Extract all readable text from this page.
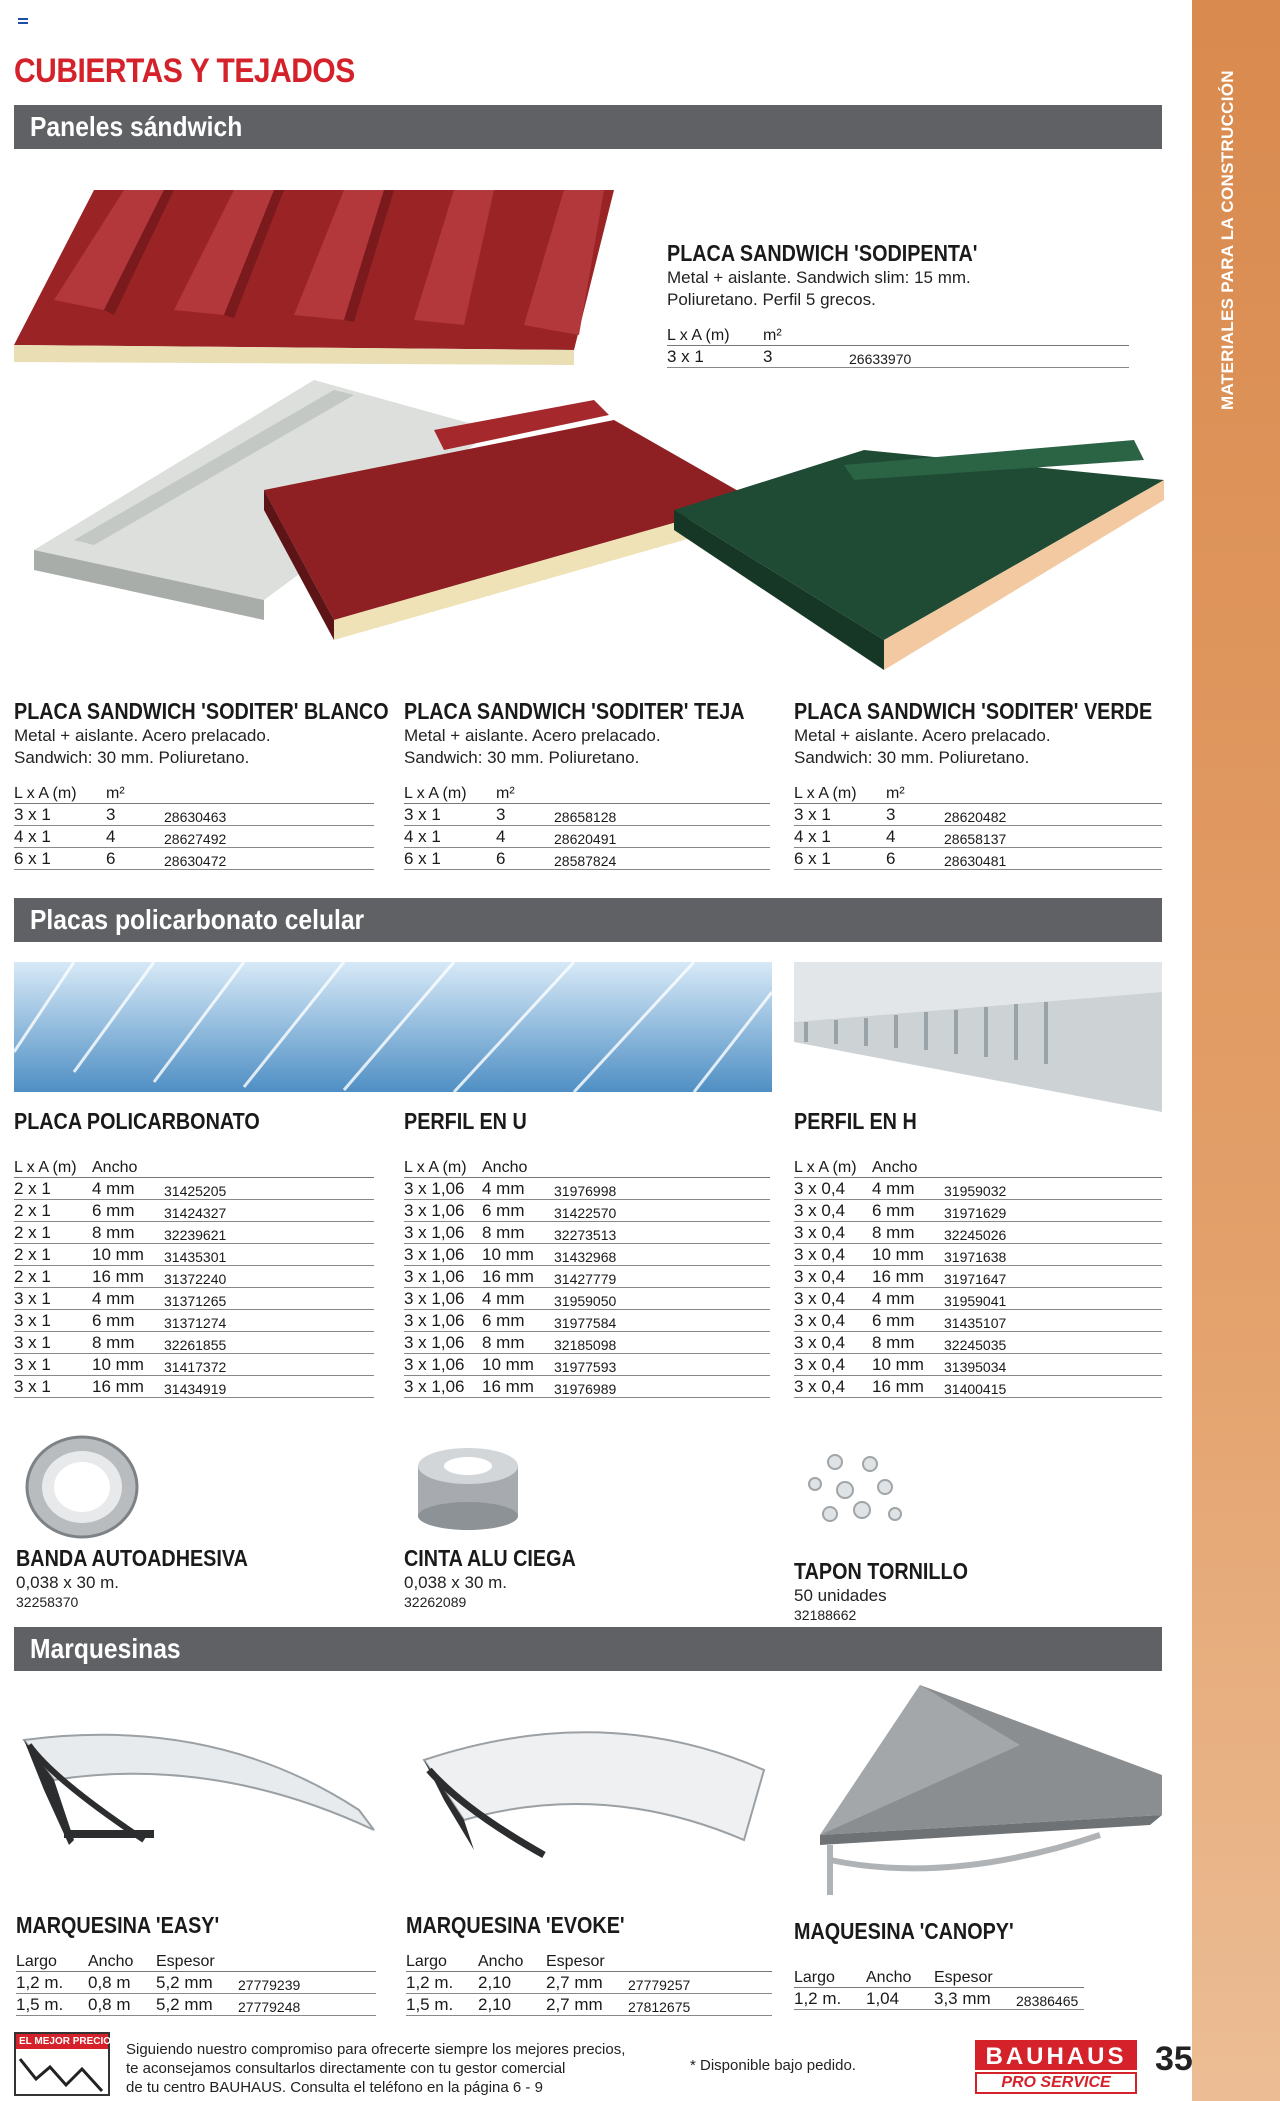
MATERIALES PARA LA CONSTRUCCIÓN
CUBIERTAS Y TEJADOS
Paneles sándwich
PLACA SANDWICH 'SODIPENTA'
Metal + aislante. Sandwich slim: 15 mm.
Poliuretano. Perfil 5 grecos.
L x A (m)	m²	
3 x 1	3	26633970
PLACA SANDWICH 'SODITER' BLANCO
Metal + aislante. Acero prelacado.
Sandwich: 30 mm. Poliuretano.
L x A (m)	m²	
3 x 1	3	28630463
4 x 1	4	28627492
6 x 1	6	28630472
PLACA SANDWICH 'SODITER' TEJA
Metal + aislante. Acero prelacado.
Sandwich: 30 mm. Poliuretano.
L x A (m)	m²	
3 x 1	3	28658128
4 x 1	4	28620491
6 x 1	6	28587824
PLACA SANDWICH 'SODITER' VERDE
Metal + aislante. Acero prelacado.
Sandwich: 30 mm. Poliuretano.
L x A (m)	m²	
3 x 1	3	28620482
4 x 1	4	28658137
6 x 1	6	28630481
Placas policarbonato celular
PLACA POLICARBONATO
L x A (m)	Ancho	
2 x 1	4 mm	31425205
2 x 1	6 mm	31424327
2 x 1	8 mm	32239621
2 x 1	10 mm	31435301
2 x 1	16 mm	31372240
3 x 1	4 mm	31371265
3 x 1	6 mm	31371274
3 x 1	8 mm	32261855
3 x 1	10 mm	31417372
3 x 1	16 mm	31434919
PERFIL EN U
L x A (m)	Ancho	
3 x 1,06	4 mm	31976998
3 x 1,06	6 mm	31422570
3 x 1,06	8 mm	32273513
3 x 1,06	10 mm	31432968
3 x 1,06	16 mm	31427779
3 x 1,06	4 mm	31959050
3 x 1,06	6 mm	31977584
3 x 1,06	8 mm	32185098
3 x 1,06	10 mm	31977593
3 x 1,06	16 mm	31976989
PERFIL EN H
L x A (m)	Ancho	
3 x 0,4	4 mm	31959032
3 x 0,4	6 mm	31971629
3 x 0,4	8 mm	32245026
3 x 0,4	10 mm	31971638
3 x 0,4	16 mm	31971647
3 x 0,4	4 mm	31959041
3 x 0,4	6 mm	31435107
3 x 0,4	8 mm	32245035
3 x 0,4	10 mm	31395034
3 x 0,4	16 mm	31400415
BANDA AUTOADHESIVA
0,038 x 30 m.
32258370
CINTA ALU CIEGA
0,038 x 30 m.
32262089
TAPON TORNILLO
50 unidades
32188662
Marquesinas
MARQUESINA 'EASY'
Largo	Ancho	Espesor	
1,2 m.	0,8 m	5,2 mm	27779239
1,5 m.	0,8 m	5,2 mm	27779248
MARQUESINA 'EVOKE'
Largo	Ancho	Espesor	
1,2 m.	2,10	2,7 mm	27779257
1,5 m.	2,10	2,7 mm	27812675
MAQUESINA 'CANOPY'
Largo	Ancho	Espesor	
1,2 m.	1,04	3,3 mm	28386465
EL MEJOR PRECIO Siguiendo nuestro compromiso para ofrecerte siempre los mejores precios,
te aconsejamos consultarlos directamente con tu gestor comercial
de tu centro BAUHAUS. Consulta el teléfono en la página 6 - 9
* Disponible bajo pedido.	BAUHAUS
PRO SERVICE
35
